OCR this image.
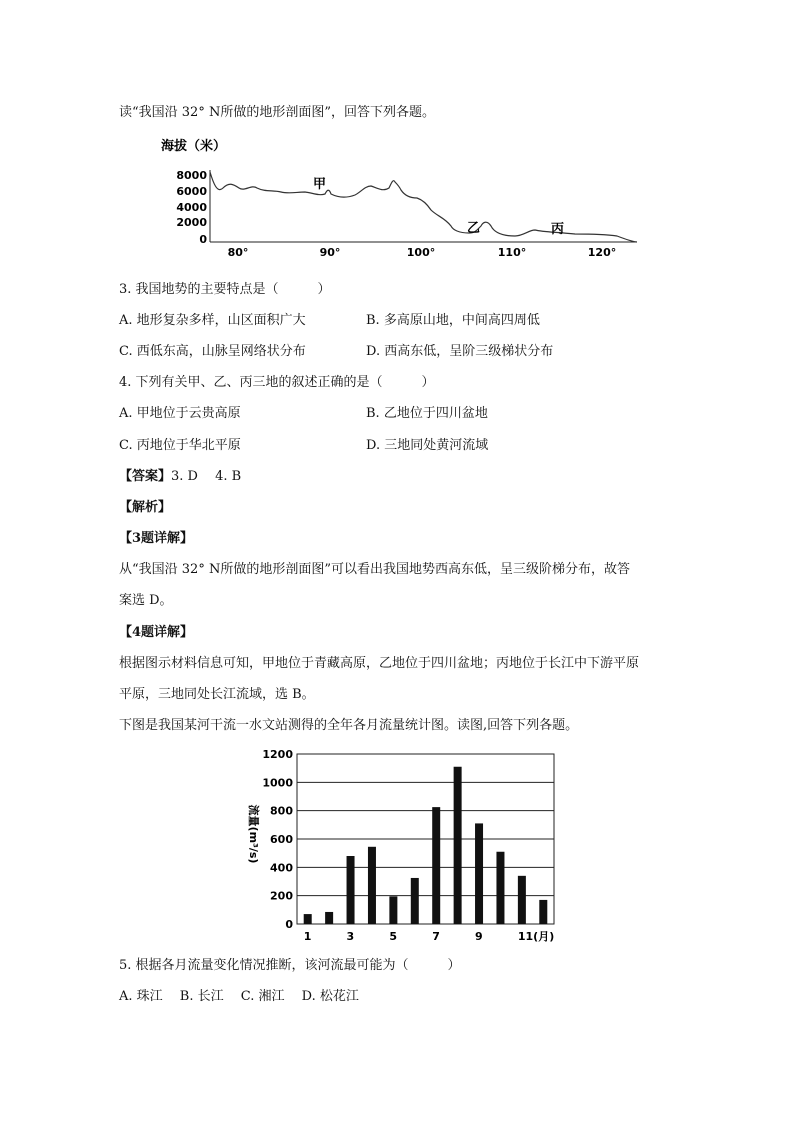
读“我国沿 32° N所做的地形剖面图”，回答下列各题。
海拔（米）
8000
6000
4000
2000
0
甲
乙	丙
80°	90°	100°	110°	120°
3. 我国地势的主要特点是（　　　）
A. 地形复杂多样，山区面积广大	B. 多高原山地，中间高四周低
C. 西低东高，山脉呈网络状分布	D. 西高东低，呈阶三级梯状分布
4. 下列有关甲、乙、丙三地的叙述正确的是（　　　）
A. 甲地位于云贵高原	B. 乙地位于四川盆地
C. 丙地位于华北平原	D. 三地同处黄河流域
【答案】3. D　 4. B
【解析】
【3题详解】
从“我国沿 32° N所做的地形剖面图”可以看出我国地势西高东低，呈三级阶梯分布，故答
案选 D。
【4题详解】
根据图示材料信息可知，甲地位于青藏高原，乙地位于四川盆地；丙地位于长江中下游平原
平原，三地同处长江流域，选 B。
下图是我国某河干流一水文站测得的全年各月流量统计图。读图,回答下列各题。
0
200
400
600
800
1000
1200
1	3	5	7	9	11(月)
流量(m³/s)
5. 根据各月流量变化情况推断，该河流最可能为（　　　）
A. 珠江　 B. 长江　 C. 湘江　 D. 松花江
